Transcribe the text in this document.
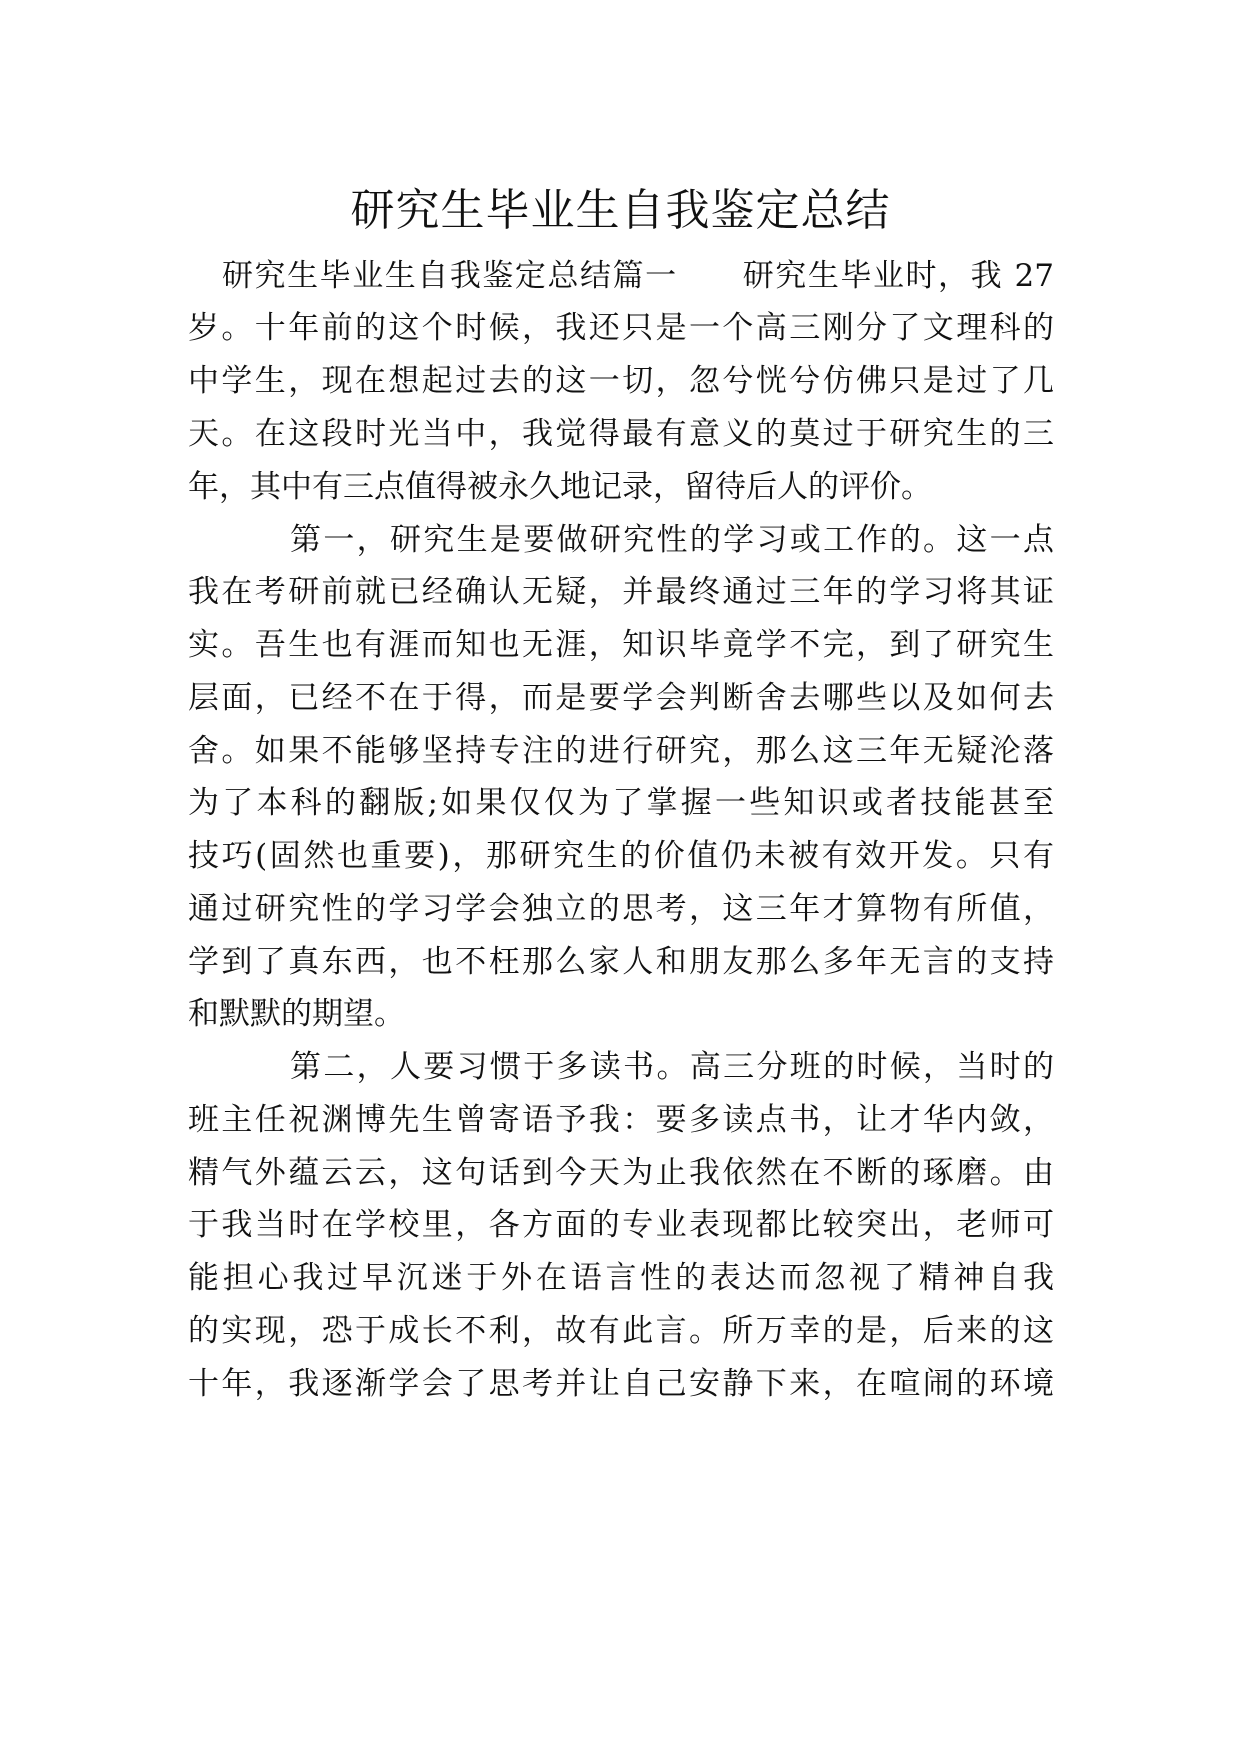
研究生毕业生自我鉴定总结
研究生毕业生自我鉴定总结篇一　　研究生毕业时，我 27
岁。十年前的这个时候，我还只是一个高三刚分了文理科的
中学生，现在想起过去的这一切，忽兮恍兮仿佛只是过了几
天。在这段时光当中，我觉得最有意义的莫过于研究生的三
年，其中有三点值得被永久地记录，留待后人的评价。
第一，研究生是要做研究性的学习或工作的。这一点
我在考研前就已经确认无疑，并最终通过三年的学习将其证
实。吾生也有涯而知也无涯，知识毕竟学不完，到了研究生
层面，已经不在于得，而是要学会判断舍去哪些以及如何去
舍。如果不能够坚持专注的进行研究，那么这三年无疑沦落
为了本科的翻版;如果仅仅为了掌握一些知识或者技能甚至
技巧(固然也重要)，那研究生的价值仍未被有效开发。只有
通过研究性的学习学会独立的思考，这三年才算物有所值，
学到了真东西，也不枉那么家人和朋友那么多年无言的支持
和默默的期望。
第二，人要习惯于多读书。高三分班的时候，当时的
班主任祝渊博先生曾寄语予我：要多读点书，让才华内敛，
精气外蕴云云，这句话到今天为止我依然在不断的琢磨。由
于我当时在学校里，各方面的专业表现都比较突出，老师可
能担心我过早沉迷于外在语言性的表达而忽视了精神自我
的实现，恐于成长不利，故有此言。所万幸的是，后来的这
十年，我逐渐学会了思考并让自己安静下来，在喧闹的环境
